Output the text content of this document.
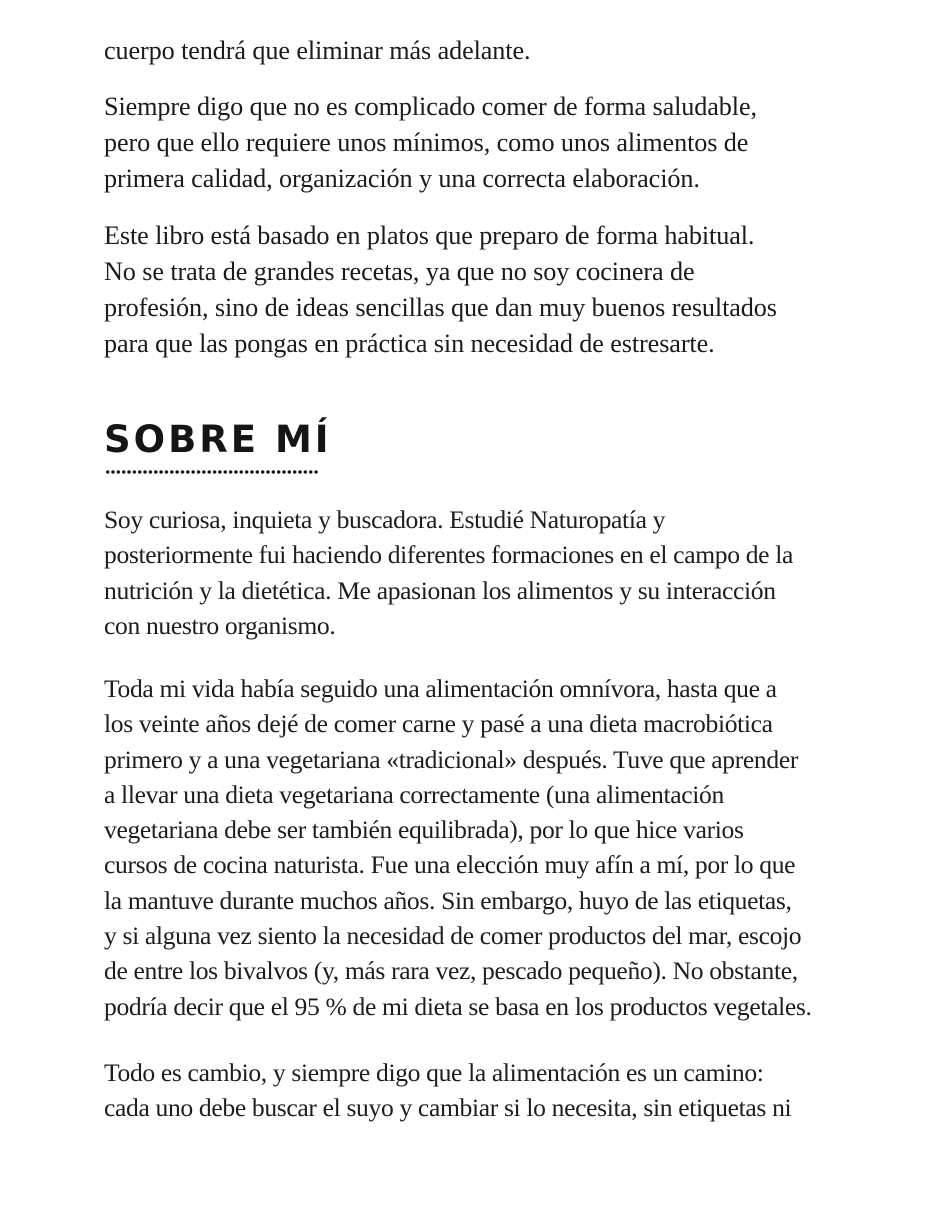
cuerpo tendrá que eliminar más adelante.

Siempre digo que no es complicado comer de forma saludable,
pero que ello requiere unos mínimos, como unos alimentos de
primera calidad, organización y una correcta elaboración.

Este libro está basado en platos que preparo de forma habitual.
No se trata de grandes recetas, ya que no soy cocinera de
profesión, sino de ideas sencillas que dan muy buenos resultados
para que las pongas en práctica sin necesidad de estresarte.

SOBRE MÍ

Soy curiosa, inquieta y buscadora. Estudié Naturopatía y
posteriormente fui haciendo diferentes formaciones en el campo de la
nutrición y la dietética. Me apasionan los alimentos y su interacción
con nuestro organismo.

Toda mi vida había seguido una alimentación omnívora, hasta que a
los veinte años dejé de comer carne y pasé a una dieta macrobiótica
primero y a una vegetariana «tradicional» después. Tuve que aprender
a llevar una dieta vegetariana correctamente (una alimentación
vegetariana debe ser también equilibrada), por lo que hice varios
cursos de cocina naturista. Fue una elección muy afín a mí, por lo que
la mantuve durante muchos años. Sin embargo, huyo de las etiquetas,
y si alguna vez siento la necesidad de comer productos del mar, escojo
de entre los bivalvos (y, más rara vez, pescado pequeño). No obstante,
podría decir que el 95 % de mi dieta se basa en los productos vegetales.

Todo es cambio, y siempre digo que la alimentación es un camino:
cada uno debe buscar el suyo y cambiar si lo necesita, sin etiquetas ni
